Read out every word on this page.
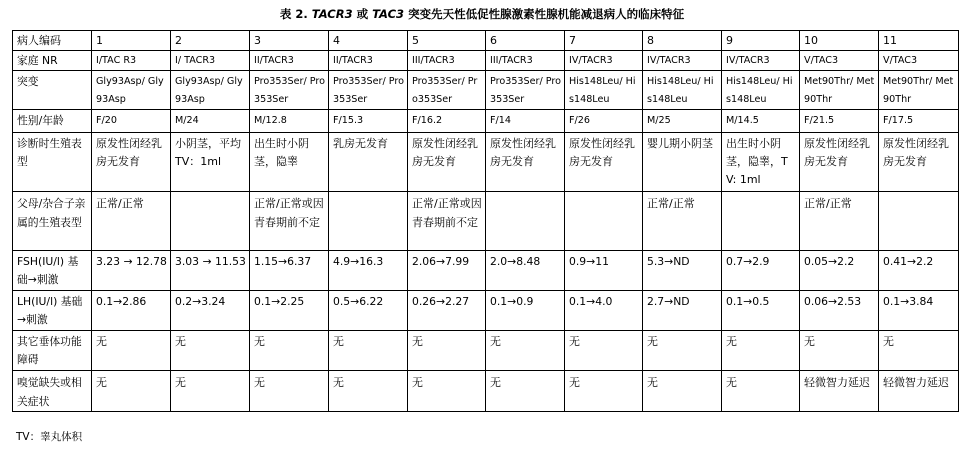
表 2. TACR3 或 TAC3 突变先天性低促性腺激素性腺机能减退病人的临床特征
病人编码	1	2	3	4	5	6	7	8	9	10	11
家庭 NR	I/TAC R3	I/ TACR3	II/TACR3	II/TACR3	III/TACR3	III/TACR3	IV/TACR3	IV/TACR3	IV/TACR3	V/TAC3	V/TAC3
突变	Gly93Asp/ Gly93Asp	Gly93Asp/ Gly93Asp	Pro353Ser/ Pro353Ser	Pro353Ser/ Pro353Ser	Pro353Ser/ Pro353Ser	Pro353Ser/ Pro353Ser	His148Leu/ His148Leu	His148Leu/ His148Leu	His148Leu/ His148Leu	Met90Thr/ Met90Thr	Met90Thr/ Met90Thr
性别/年龄	F/20	M/24	M/12.8	F/15.3	F/16.2	F/14	F/26	M/25	M/14.5	F/21.5	F/17.5
诊断时生殖表型	原发性闭经乳房无发育	小阴茎，平均 TV：1ml	出生时小阴茎，隐睾	乳房无发育	原发性闭经乳房无发育	原发性闭经乳房无发育	原发性闭经乳房无发育	婴儿期小阴茎	出生时小阴茎，隐睾，TV: 1ml	原发性闭经乳房无发育	原发性闭经乳房无发育
父母/杂合子亲属的生殖表型	正常/正常		正常/正常或因青春期前不定		正常/正常或因青春期前不定			正常/正常		正常/正常	
FSH(IU/l) 基础→刺激	3.23 → 12.78	3.03 → 11.53	1.15→6.37	4.9→16.3	2.06→7.99	2.0→8.48	0.9→11	5.3→ND	0.7→2.9	0.05→2.2	0.41→2.2
LH(IU/l) 基础→刺激	0.1→2.86	0.2→3.24	0.1→2.25	0.5→6.22	0.26→2.27	0.1→0.9	0.1→4.0	2.7→ND	0.1→0.5	0.06→2.53	0.1→3.84
其它垂体功能障碍	无	无	无	无	无	无	无	无	无	无	无
嗅觉缺失或相关症状	无	无	无	无	无	无	无	无	无	轻微智力延迟	轻微智力延迟
TV：睾丸体积
